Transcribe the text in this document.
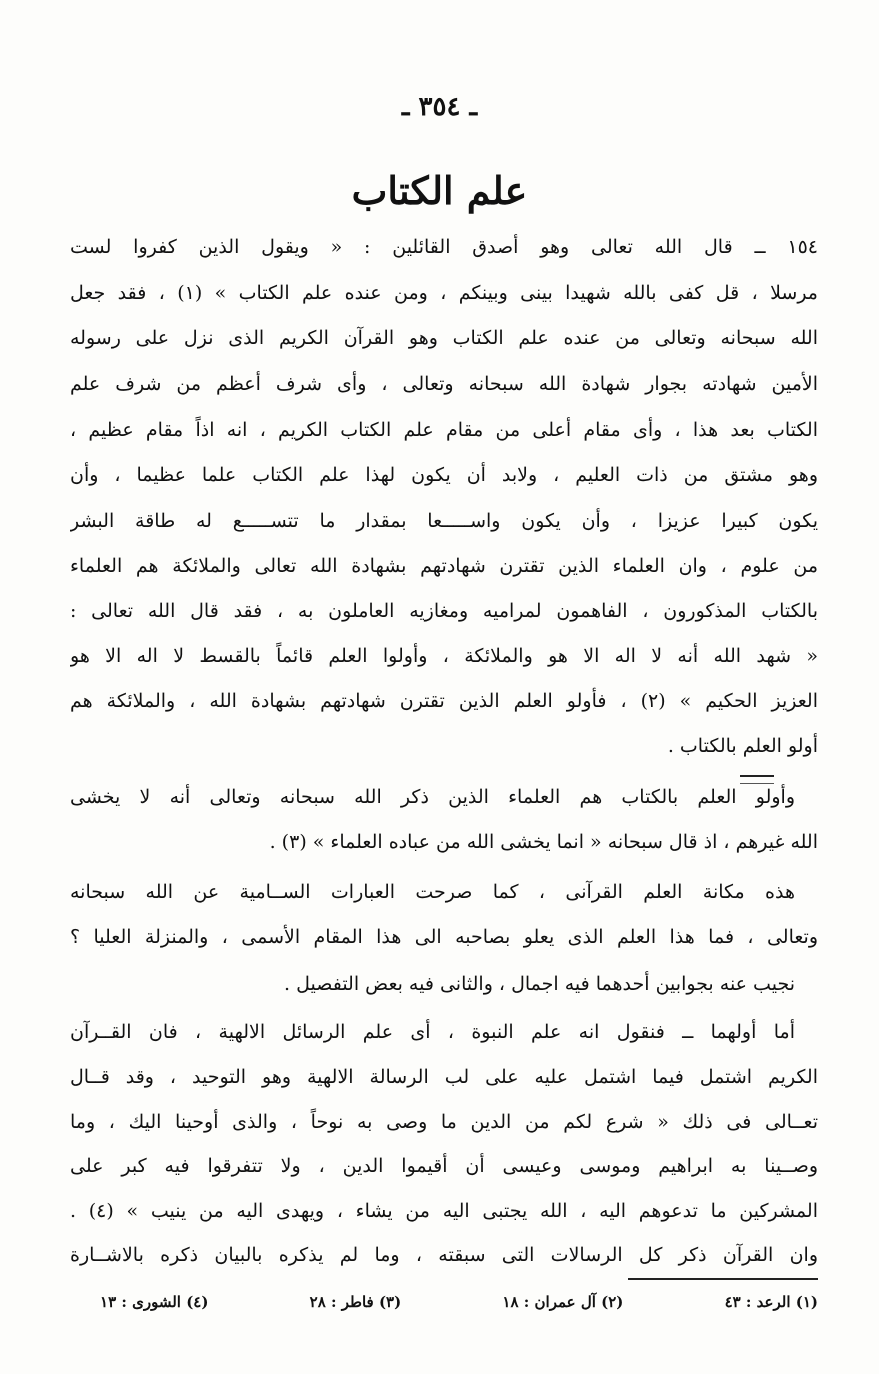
ـ ٣٥٤ ـ
علم الكتاب
١٥٤ ــ قال الله تعالى وهو أصدق القائلين : « ويقول الذين كفروا لست
مرسلا ، قل كفى بالله شهيدا بينى وبينكم ، ومن عنده علم الكتاب » (١) ، فقد جعل
الله سبحانه وتعالى من عنده علم الكتاب وهو القرآن الكريم الذى نزل على رسوله
الأمين شهادته بجوار شهادة الله سبحانه وتعالى ، وأى شرف أعظم من شرف علم
الكتاب بعد هذا ، وأى مقام أعلى من مقام علم الكتاب الكريم ، انه اذاً مقام عظيم ،
وهو مشتق من ذات العليم ، ولابد أن يكون لهذا علم الكتاب علما عظيما ، وأن
يكون كبيرا عزيزا ، وأن يكون واســـــعا بمقدار ما تتســـــع له طاقة البشر
من علوم ، وان العلماء الذين تقترن شهادتهم بشهادة الله تعالى والملائكة هم العلماء
بالكتاب المذكورون ، الفاهمون لمراميه ومغازيه العاملون به ، فقد قال الله تعالى :
« شهد الله أنه لا اله الا هو والملائكة ، وأولوا العلم قائماً بالقسط لا اله الا هو
العزيز الحكيم » (٢) ، فأولو العلم الذين تقترن شهادتهم بشهادة الله ، والملائكة هم
أولو العلم بالكتاب .
وأولو العلم بالكتاب هم العلماء الذين ذكر الله سبحانه وتعالى أنه لا يخشى
الله غيرهم ، اذ قال سبحانه « انما يخشى الله من عباده العلماء » (٣) .
هذه مكانة العلم القرآنى ، كما صرحت العبارات الســامية عن الله سبحانه
وتعالى ، فما هذا العلم الذى يعلو بصاحبه الى هذا المقام الأسمى ، والمنزلة العليا ؟
نجيب عنه بجوابين أحدهما فيه اجمال ، والثانى فيه بعض التفصيل .
أما أولهما ــ فنقول انه علم النبوة ، أى علم الرسائل الالهية ، فان القــرآن
الكريم اشتمل فيما اشتمل عليه على لب الرسالة الالهية وهو التوحيد ، وقد قــال
تعــالى فى ذلك « شرع لكم من الدين ما وصى به نوحاً ، والذى أوحينا اليك ، وما
وصــينا به ابراهيم وموسى وعيسى أن أقيموا الدين ، ولا تتفرقوا فيه كبر على
المشركين ما تدعوهم اليه ، الله يجتبى اليه من يشاء ، ويهدى اليه من ينيب » (٤) .
وان القرآن ذكر كل الرسالات التى سبقته ، وما لم يذكره بالبيان ذكره بالاشــارة
(١) الرعد : ٤٣
(٢) آل عمران : ١٨
(٣) فاطر : ٢٨
(٤) الشورى : ١٣
